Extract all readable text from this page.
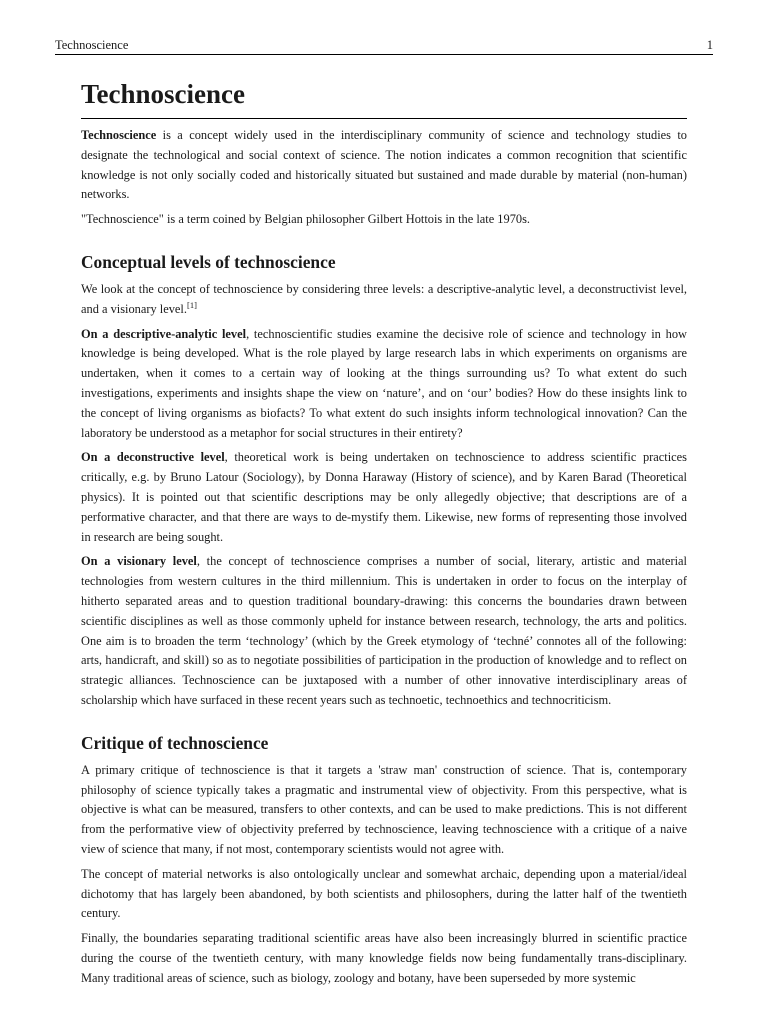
Technoscience	1
Technoscience

Technoscience is a concept widely used in the interdisciplinary community of science and technology studies to designate the technological and social context of science. The notion indicates a common recognition that scientific knowledge is not only socially coded and historically situated but sustained and made durable by material (non-human) networks.

"Technoscience" is a term coined by Belgian philosopher Gilbert Hottois in the late 1970s.

Conceptual levels of technoscience

We look at the concept of technoscience by considering three levels: a descriptive-analytic level, a deconstructivist level, and a visionary level.[1]

On a descriptive-analytic level, technoscientific studies examine the decisive role of science and technology in how knowledge is being developed. What is the role played by large research labs in which experiments on organisms are undertaken, when it comes to a certain way of looking at the things surrounding us? To what extent do such investigations, experiments and insights shape the view on ‘nature’, and on ‘our’ bodies? How do these insights link to the concept of living organisms as biofacts? To what extent do such insights inform technological innovation? Can the laboratory be understood as a metaphor for social structures in their entirety?

On a deconstructive level, theoretical work is being undertaken on technoscience to address scientific practices critically, e.g. by Bruno Latour (Sociology), by Donna Haraway (History of science), and by Karen Barad (Theoretical physics). It is pointed out that scientific descriptions may be only allegedly objective; that descriptions are of a performative character, and that there are ways to de-mystify them. Likewise, new forms of representing those involved in research are being sought.

On a visionary level, the concept of technoscience comprises a number of social, literary, artistic and material technologies from western cultures in the third millennium. This is undertaken in order to focus on the interplay of hitherto separated areas and to question traditional boundary-drawing: this concerns the boundaries drawn between scientific disciplines as well as those commonly upheld for instance between research, technology, the arts and politics. One aim is to broaden the term ‘technology’ (which by the Greek etymology of ‘techné’ connotes all of the following: arts, handicraft, and skill) so as to negotiate possibilities of participation in the production of knowledge and to reflect on strategic alliances. Technoscience can be juxtaposed with a number of other innovative interdisciplinary areas of scholarship which have surfaced in these recent years such as technoetic, technoethics and technocriticism.

Critique of technoscience

A primary critique of technoscience is that it targets a 'straw man' construction of science. That is, contemporary philosophy of science typically takes a pragmatic and instrumental view of objectivity. From this perspective, what is objective is what can be measured, transfers to other contexts, and can be used to make predictions. This is not different from the performative view of objectivity preferred by technoscience, leaving technoscience with a critique of a naive view of science that many, if not most, contemporary scientists would not agree with.

The concept of material networks is also ontologically unclear and somewhat archaic, depending upon a material/ideal dichotomy that has largely been abandoned, by both scientists and philosophers, during the latter half of the twentieth century.

Finally, the boundaries separating traditional scientific areas have also been increasingly blurred in scientific practice during the course of the twentieth century, with many knowledge fields now being fundamentally trans-disciplinary. Many traditional areas of science, such as biology, zoology and botany, have been superseded by more systemic
